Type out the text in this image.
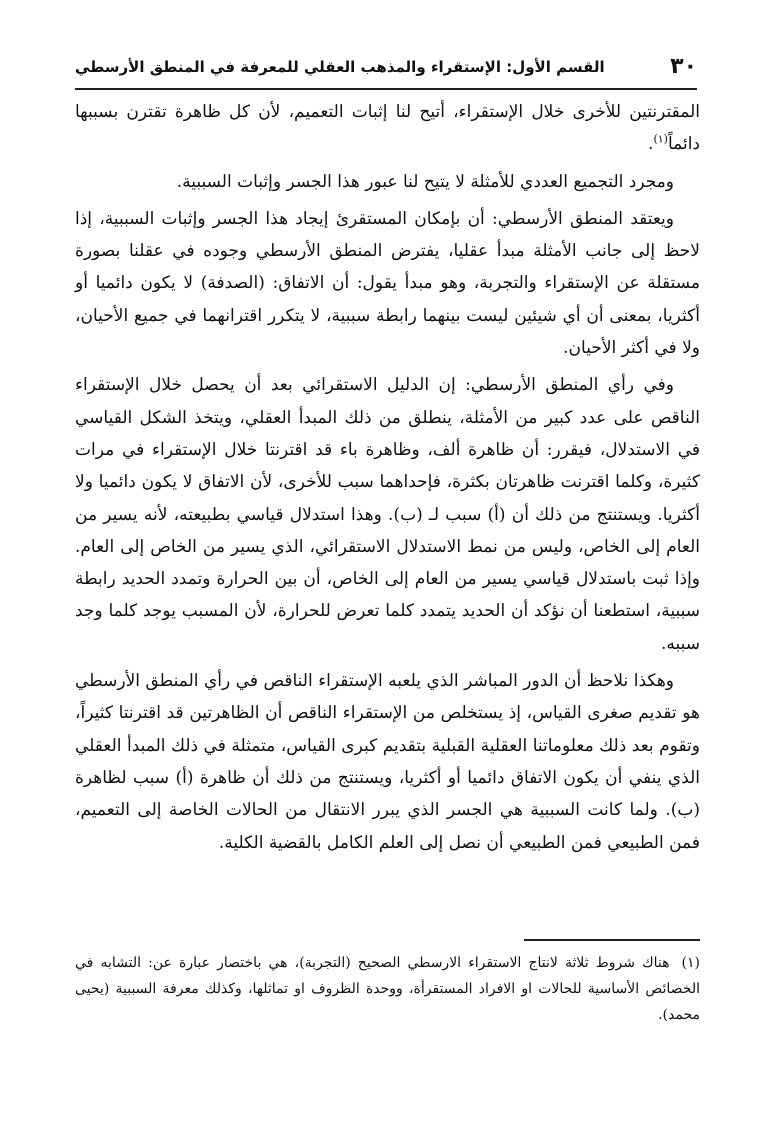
٣٠
القسم الأول: الإستقراء والمذهب العقلي للمعرفة في المنطق الأرسطي

المقترنتين للأخرى خلال الإستقراء، أتيح لنا إثبات التعميم، لأن كل ظاهرة تقترن بسببها دائماً$^{(١)}$.

ومجرد التجميع العددي للأمثلة لا يتيح لنا عبور هذا الجسر وإثبات السببية.

ويعتقد المنطق الأرسطي: أن بإمكان المستقرئ إيجاد هذا الجسر وإثبات السببية، إذا لاحظ إلى جانب الأمثلة مبدأ عقليا، يفترض المنطق الأرسطي وجوده في عقلنا بصورة مستقلة عن الإستقراء والتجربة، وهو مبدأ يقول: أن الاتفاق: (الصدفة) لا يكون دائميا أو أكثريا، بمعنى أن أي شيئين ليست بينهما رابطة سببية، لا يتكرر اقترانهما في جميع الأحيان، ولا في أكثر الأحيان.

وفي رأي المنطق الأرسطي: إن الدليل الاستقرائي بعد أن يحصل خلال الإستقراء الناقص على عدد كبير من الأمثلة، ينطلق من ذلك المبدأ العقلي، ويتخذ الشكل القياسي في الاستدلال، فيقرر: أن ظاهرة ألف، وظاهرة باء قد اقترنتا خلال الإستقراء في مرات كثيرة، وكلما اقترنت ظاهرتان بكثرة، فإحداهما سبب للأخرى، لأن الاتفاق لا يكون دائميا ولا أكثريا. ويستنتج من ذلك أن (أ) سبب لـ (ب). وهذا استدلال قياسي بطبيعته، لأنه يسير من العام إلى الخاص، وليس من نمط الاستدلال الاستقرائي، الذي يسير من الخاص إلى العام. وإذا ثبت باستدلال قياسي يسير من العام إلى الخاص، أن بين الحرارة وتمدد الحديد رابطة سببية، استطعنا أن نؤكد أن الحديد يتمدد كلما تعرض للحرارة، لأن المسبب يوجد كلما وجد سببه.

وهكذا نلاحظ أن الدور المباشر الذي يلعبه الإستقراء الناقص في رأي المنطق الأرسطي هو تقديم صغرى القياس، إذ يستخلص من الإستقراء الناقص أن الظاهرتين قد اقترنتا كثيراً، وتقوم بعد ذلك معلوماتنا العقلية القبلية بتقديم كبرى القياس، متمثلة في ذلك المبدأ العقلي الذي ينفي أن يكون الاتفاق دائميا أو أكثريا، ويستنتج من ذلك أن ظاهرة (أ) سبب لظاهرة (ب). ولما كانت السببية هي الجسر الذي يبرر الانتقال من الحالات الخاصة إلى التعميم، فمن الطبيعي فمن الطبيعي أن نصل إلى العلم الكامل بالقضية الكلية.

(١)هناك شروط ثلاثة لانتاج الاستقراء الارسطي الصحيح (التجربة)، هي باختصار عبارة عن: التشابه في الخصائص الأساسية للحالات او الافراد المستقرأة، ووحدة الظروف او تماثلها، وكذلك معرفة السببية (يحيى محمد).
